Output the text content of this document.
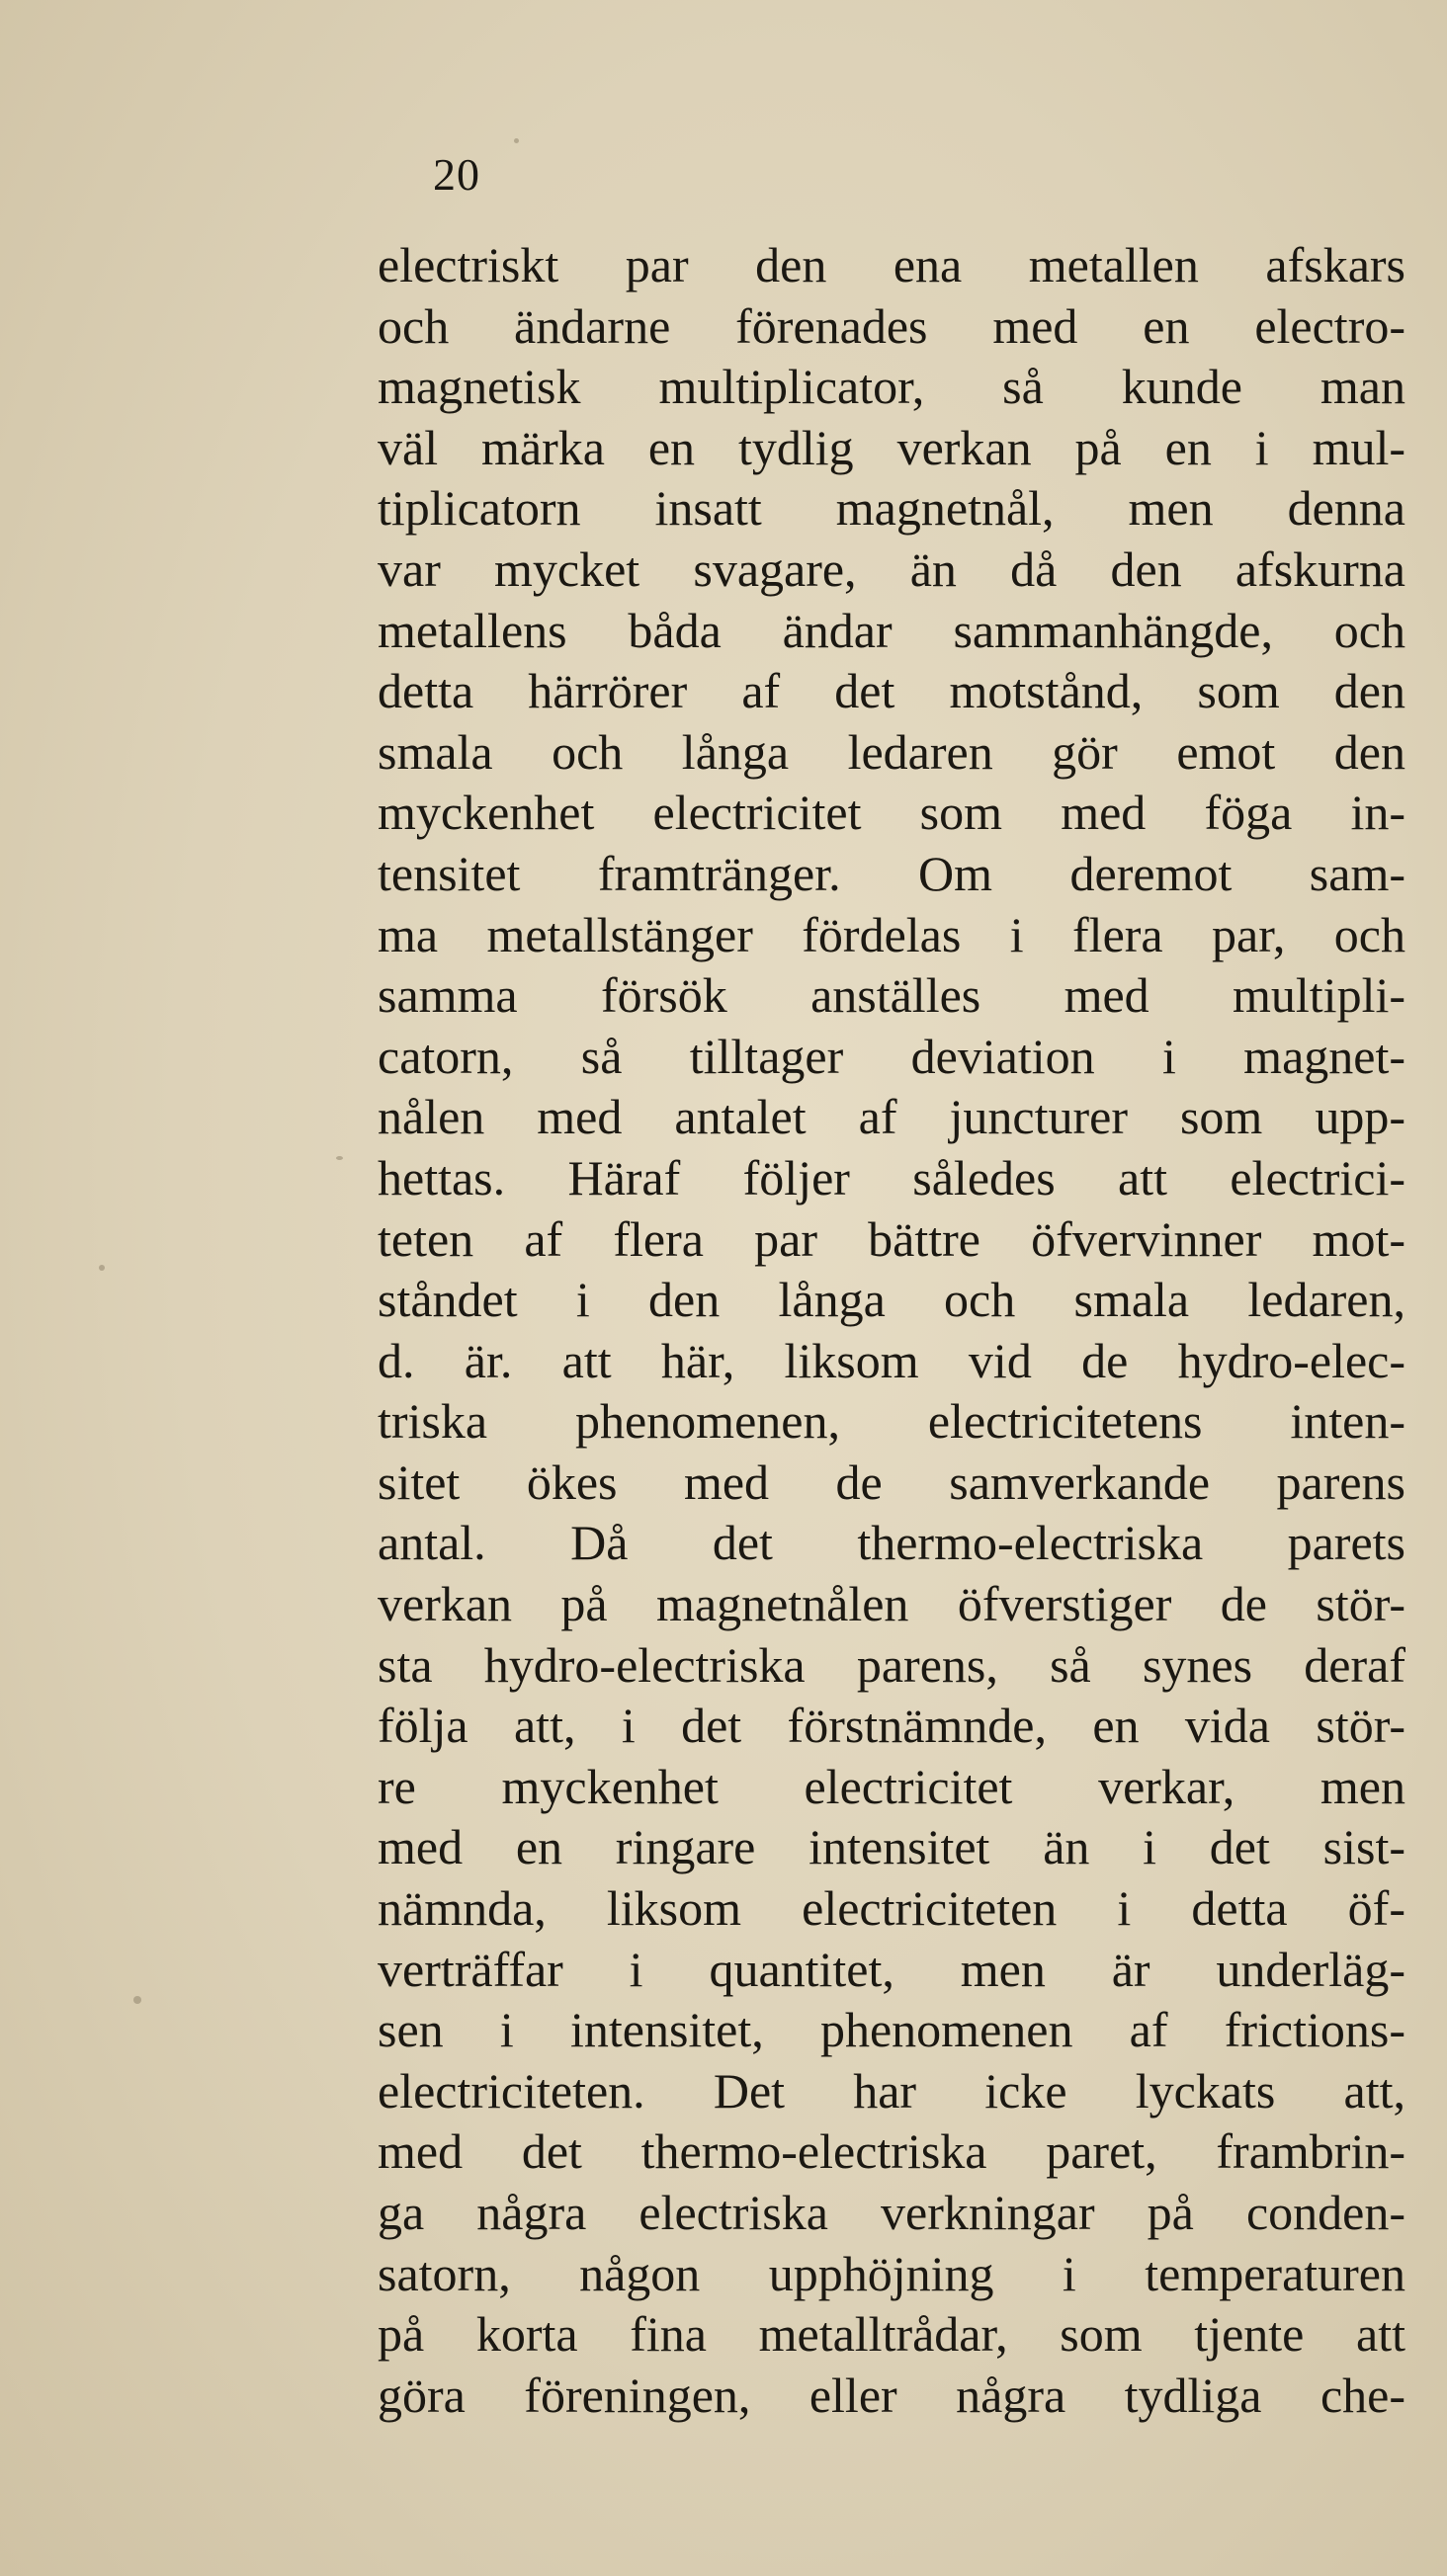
20
electriskt par den ena metallen afskars
och ändarne förenades med en electro-
magnetisk multiplicator, så kunde man
väl märka en tydlig verkan på en i mul-
tiplicatorn insatt magnetnål, men denna
var mycket svagare, än då den afskurna
metallens båda ändar sammanhängde, och
detta härrörer af det motstånd, som den
smala och långa ledaren gör emot den
myckenhet electricitet som med föga in-
tensitet framtränger. Om deremot sam-
ma metallstänger fördelas i flera par, och
samma försök anställes med multipli-
catorn, så tilltager deviation i magnet-
nålen med antalet af juncturer som upp-
hettas. Häraf följer således att electrici-
teten af flera par bättre öfvervinner mot-
ståndet i den långa och smala ledaren,
d. är. att här, liksom vid de hydro-elec-
triska phenomenen, electricitetens inten-
sitet ökes med de samverkande parens
antal. Då det thermo-electriska parets
verkan på magnetnålen öfverstiger de stör-
sta hydro-electriska parens, så synes deraf
följa att, i det förstnämnde, en vida stör-
re myckenhet electricitet verkar, men
med en ringare intensitet än i det sist-
nämnda, liksom electriciteten i detta öf-
verträffar i quantitet, men är underläg-
sen i intensitet, phenomenen af frictions-
electriciteten. Det har icke lyckats att,
med det thermo-electriska paret, frambrin-
ga några electriska verkningar på conden-
satorn, någon upphöjning i temperaturen
på korta fina metalltrådar, som tjente att
göra föreningen, eller några tydliga che-
